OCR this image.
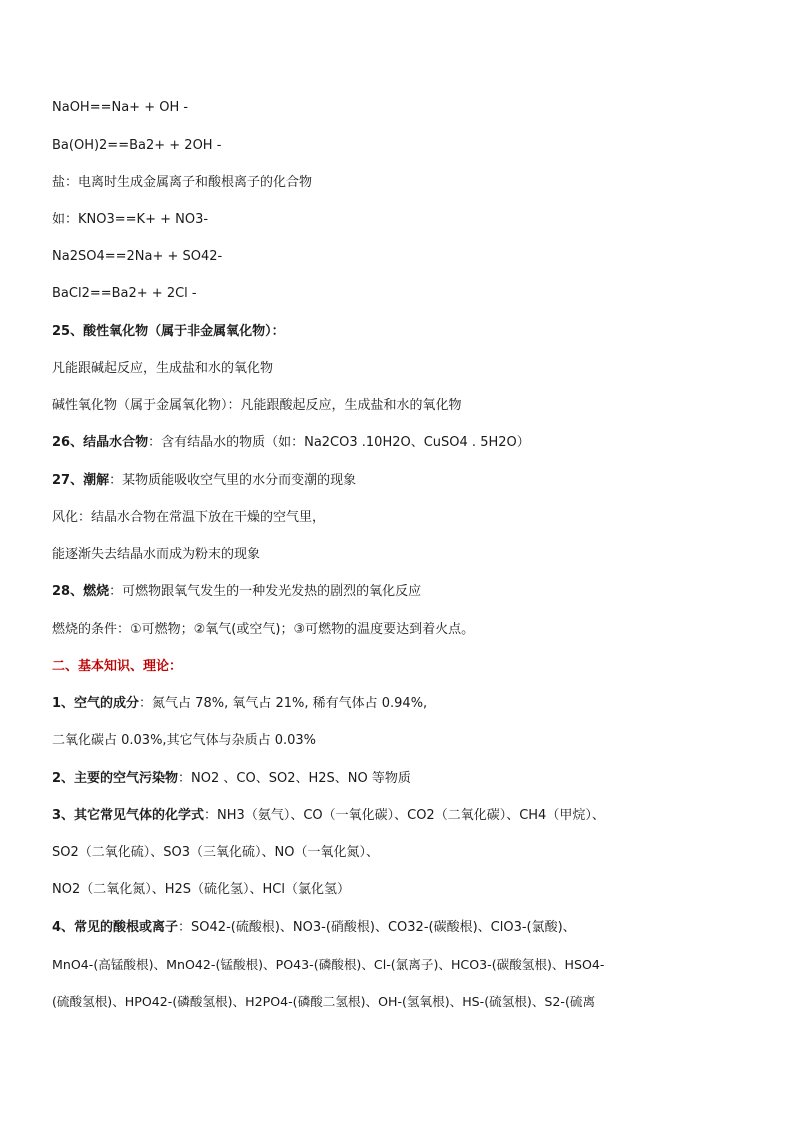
NaOH==Na+ + OH -
Ba(OH)2==Ba2+ + 2OH -
盐：电离时生成金属离子和酸根离子的化合物
如：KNO3==K+ + NO3-
Na2SO4==2Na+ + SO42-
BaCl2==Ba2+ + 2Cl -
25、酸性氧化物（属于非金属氧化物）：
凡能跟碱起反应，生成盐和水的氧化物
碱性氧化物（属于金属氧化物）：凡能跟酸起反应，生成盐和水的氧化物
26、结晶水合物：含有结晶水的物质（如：Na2CO3 .10H2O、CuSO4 . 5H2O）
27、潮解：某物质能吸收空气里的水分而变潮的现象
风化：结晶水合物在常温下放在干燥的空气里，
能逐渐失去结晶水而成为粉末的现象
28、燃烧：可燃物跟氧气发生的一种发光发热的剧烈的氧化反应
燃烧的条件：①可燃物；②氧气(或空气)；③可燃物的温度要达到着火点。
二、基本知识、理论：
1、空气的成分：氮气占 78%, 氧气占 21%, 稀有气体占 0.94%,
二氧化碳占 0.03%,其它气体与杂质占 0.03%
2、主要的空气污染物：NO2 、CO、SO2、H2S、NO 等物质
3、其它常见气体的化学式：NH3（氨气）、CO（一氧化碳）、CO2（二氧化碳）、CH4（甲烷）、
SO2（二氧化硫）、SO3（三氧化硫）、NO（一氧化氮）、
NO2（二氧化氮）、H2S（硫化氢）、HCl（氯化氢）
4、常见的酸根或离子：SO42-(硫酸根)、NO3-(硝酸根)、CO32-(碳酸根)、ClO3-(氯酸)、
MnO4-(高锰酸根)、MnO42-(锰酸根)、PO43-(磷酸根)、Cl-(氯离子)、HCO3-(碳酸氢根)、HSO4-
(硫酸氢根)、HPO42-(磷酸氢根)、H2PO4-(磷酸二氢根)、OH-(氢氧根)、HS-(硫氢根)、S2-(硫离
